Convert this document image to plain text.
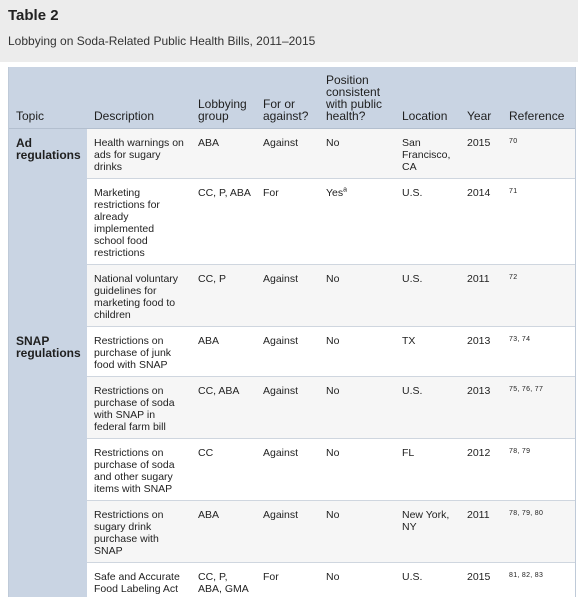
Table 2
Lobbying on Soda-Related Public Health Bills, 2011–2015
Topic	Description	Lobbying group	For or against?	Position consistent with public health?	Location	Year	Reference
Ad regulations	Health warnings on ads for sugary drinks	ABA	Against	No	San Francisco, CA	2015	$^{70}$
	Marketing restrictions for already implemented school food restrictions	CC, P, ABA	For	Yes$^a$	U.S.	2014	$^{71}$
	National voluntary guidelines for marketing food to children	CC, P	Against	No	U.S.	2011	$^{72}$
SNAP regulations	Restrictions on purchase of junk food with SNAP	ABA	Against	No	TX	2013	$^{73, 74}$
	Restrictions on purchase of soda with SNAP in federal farm bill	CC, ABA	Against	No	U.S.	2013	$^{75, 76, 77}$
	Restrictions on purchase of soda and other sugary items with SNAP	CC	Against	No	FL	2012	$^{78, 79}$
	Restrictions on sugary drink purchase with SNAP	ABA	Against	No	New York, NY	2011	$^{78, 79, 80}$
	Safe and Accurate Food Labeling Act	CC, P, ABA, GMA	For	No	U.S.	2015	$^{81, 82, 83}$
